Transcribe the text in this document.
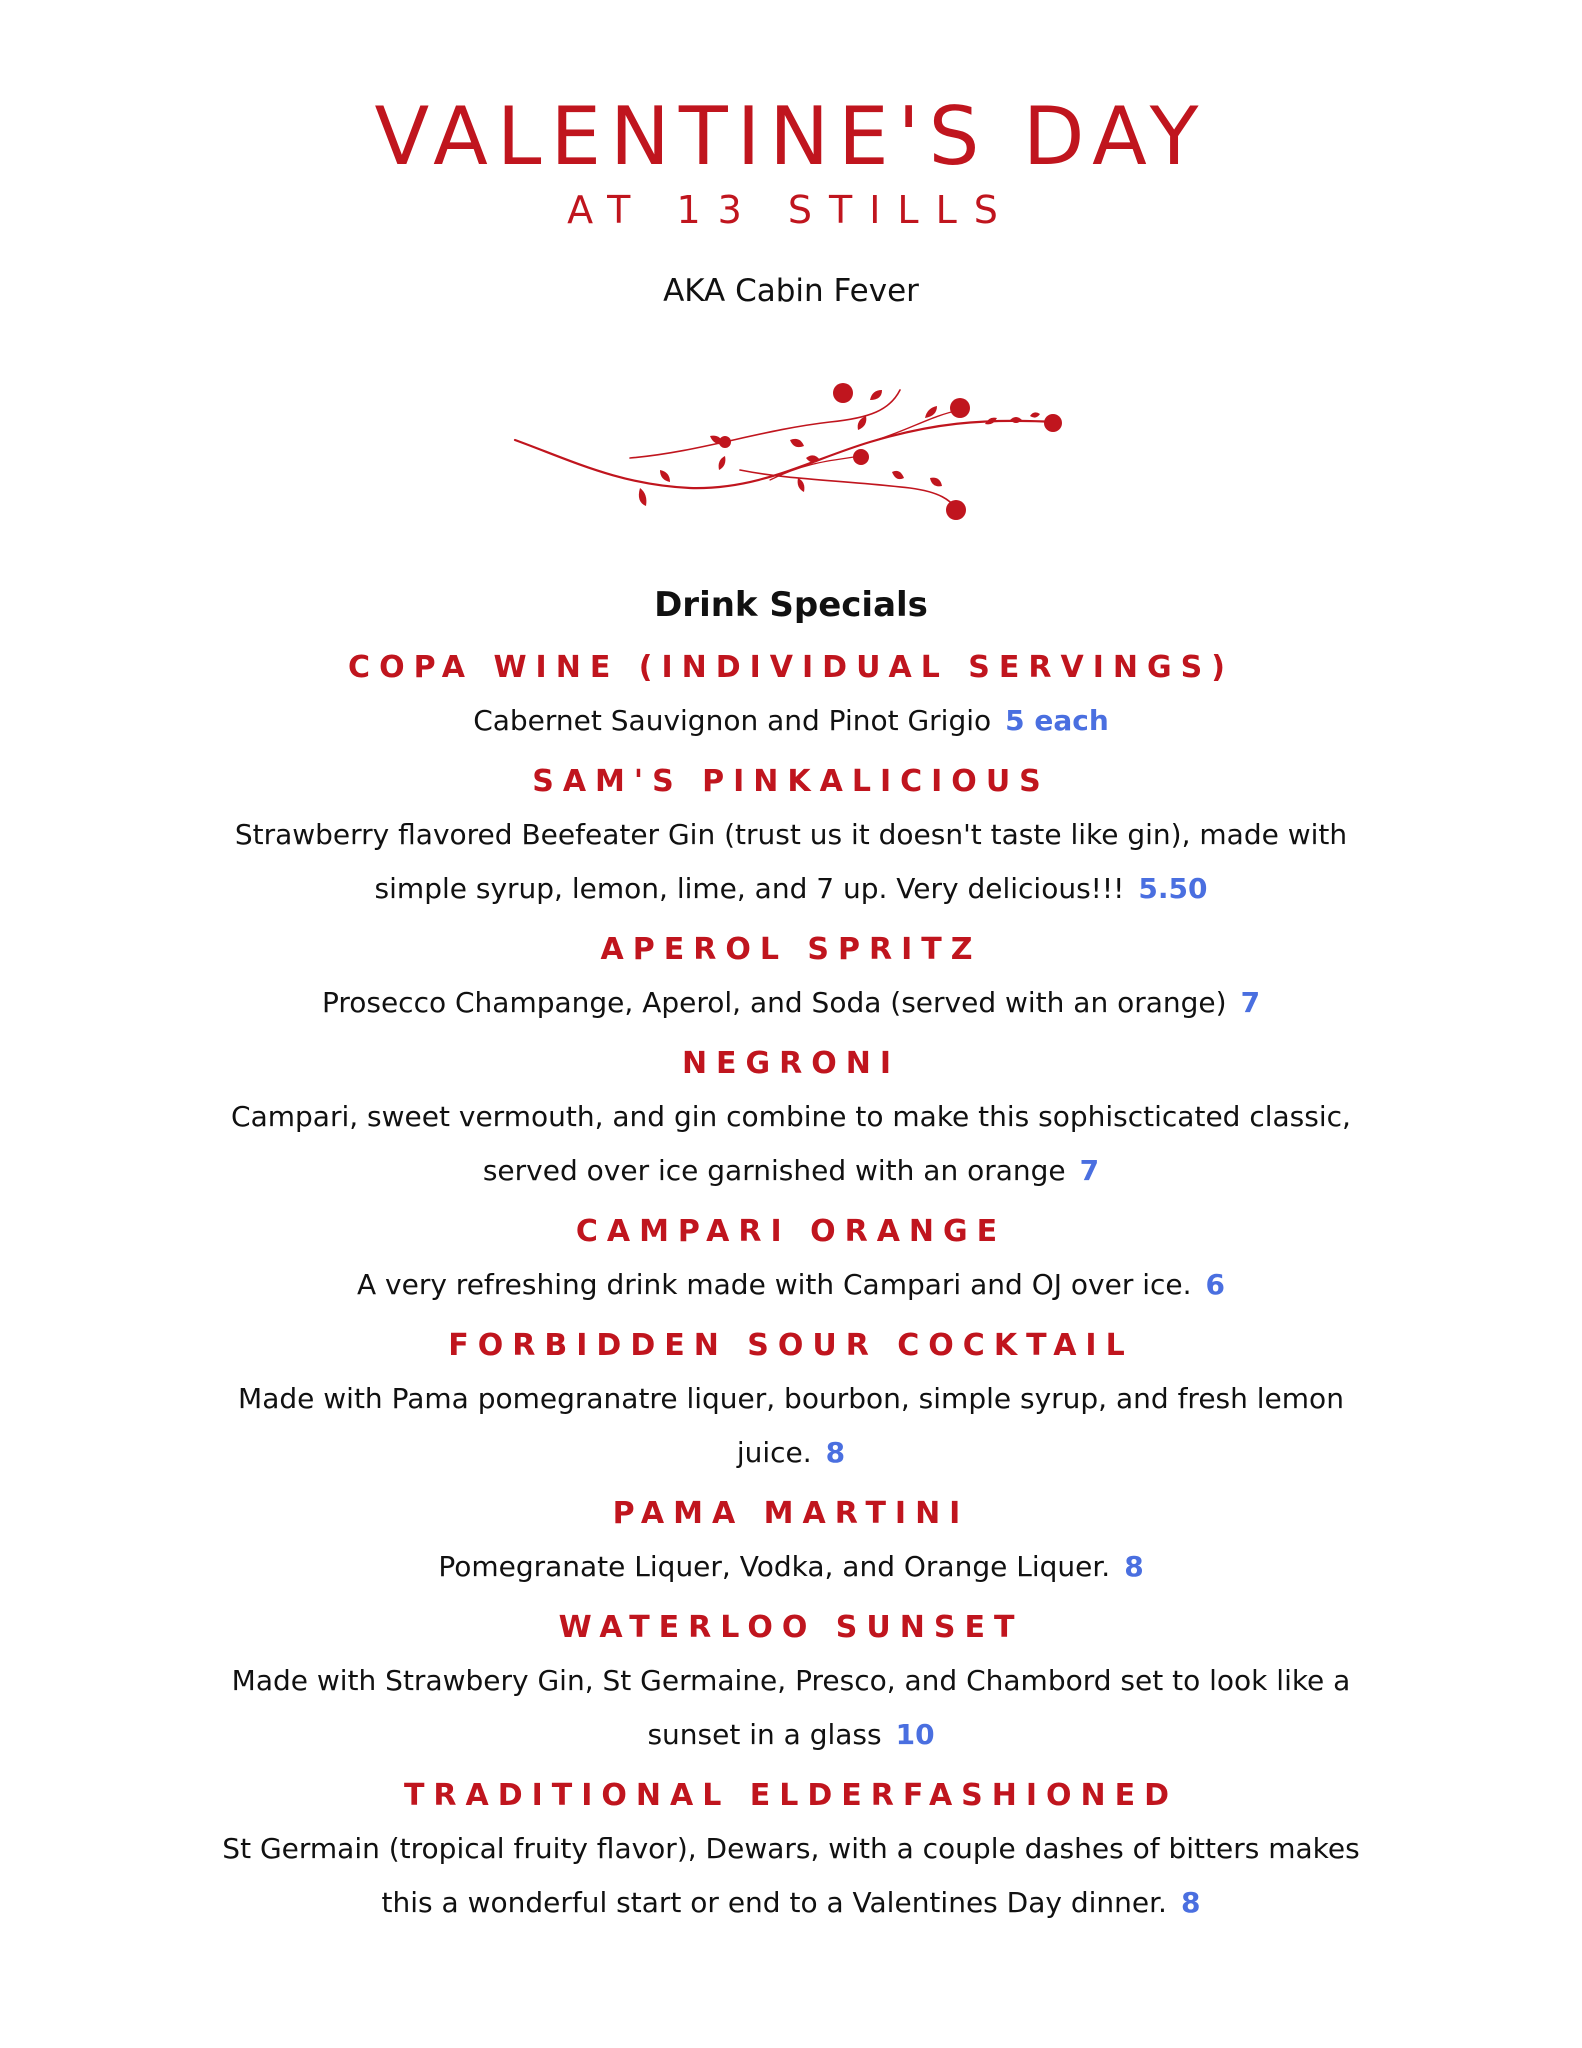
VALENTINE'S DAY

AT 13 STILLS

AKA Cabin Fever

Drink Specials

COPA WINE (INDIVIDUAL SERVINGS)

Cabernet Sauvignon and Pinot Grigio 5 each

SAM'S PINKALICIOUS

Strawberry flavored Beefeater Gin (trust us it doesn't taste like gin), made with simple syrup, lemon, lime, and 7 up. Very delicious!!! 5.50

APEROL SPRITZ

Prosecco Champange, Aperol, and Soda (served with an orange) 7

NEGRONI

Campari, sweet vermouth, and gin combine to make this sophiscticated classic, served over ice garnished with an orange 7

CAMPARI ORANGE

A very refreshing drink made with Campari and OJ over ice. 6

FORBIDDEN SOUR COCKTAIL

Made with Pama pomegranatre liquer, bourbon, simple syrup, and fresh lemon juice. 8

PAMA MARTINI

Pomegranate Liquer, Vodka, and Orange Liquer. 8

WATERLOO SUNSET

Made with Strawbery Gin, St Germaine, Presco, and Chambord set to look like a sunset in a glass 10

TRADITIONAL ELDERFASHIONED

St Germain (tropical fruity flavor), Dewars, with a couple dashes of bitters makes this a wonderful start or end to a Valentines Day dinner. 8
